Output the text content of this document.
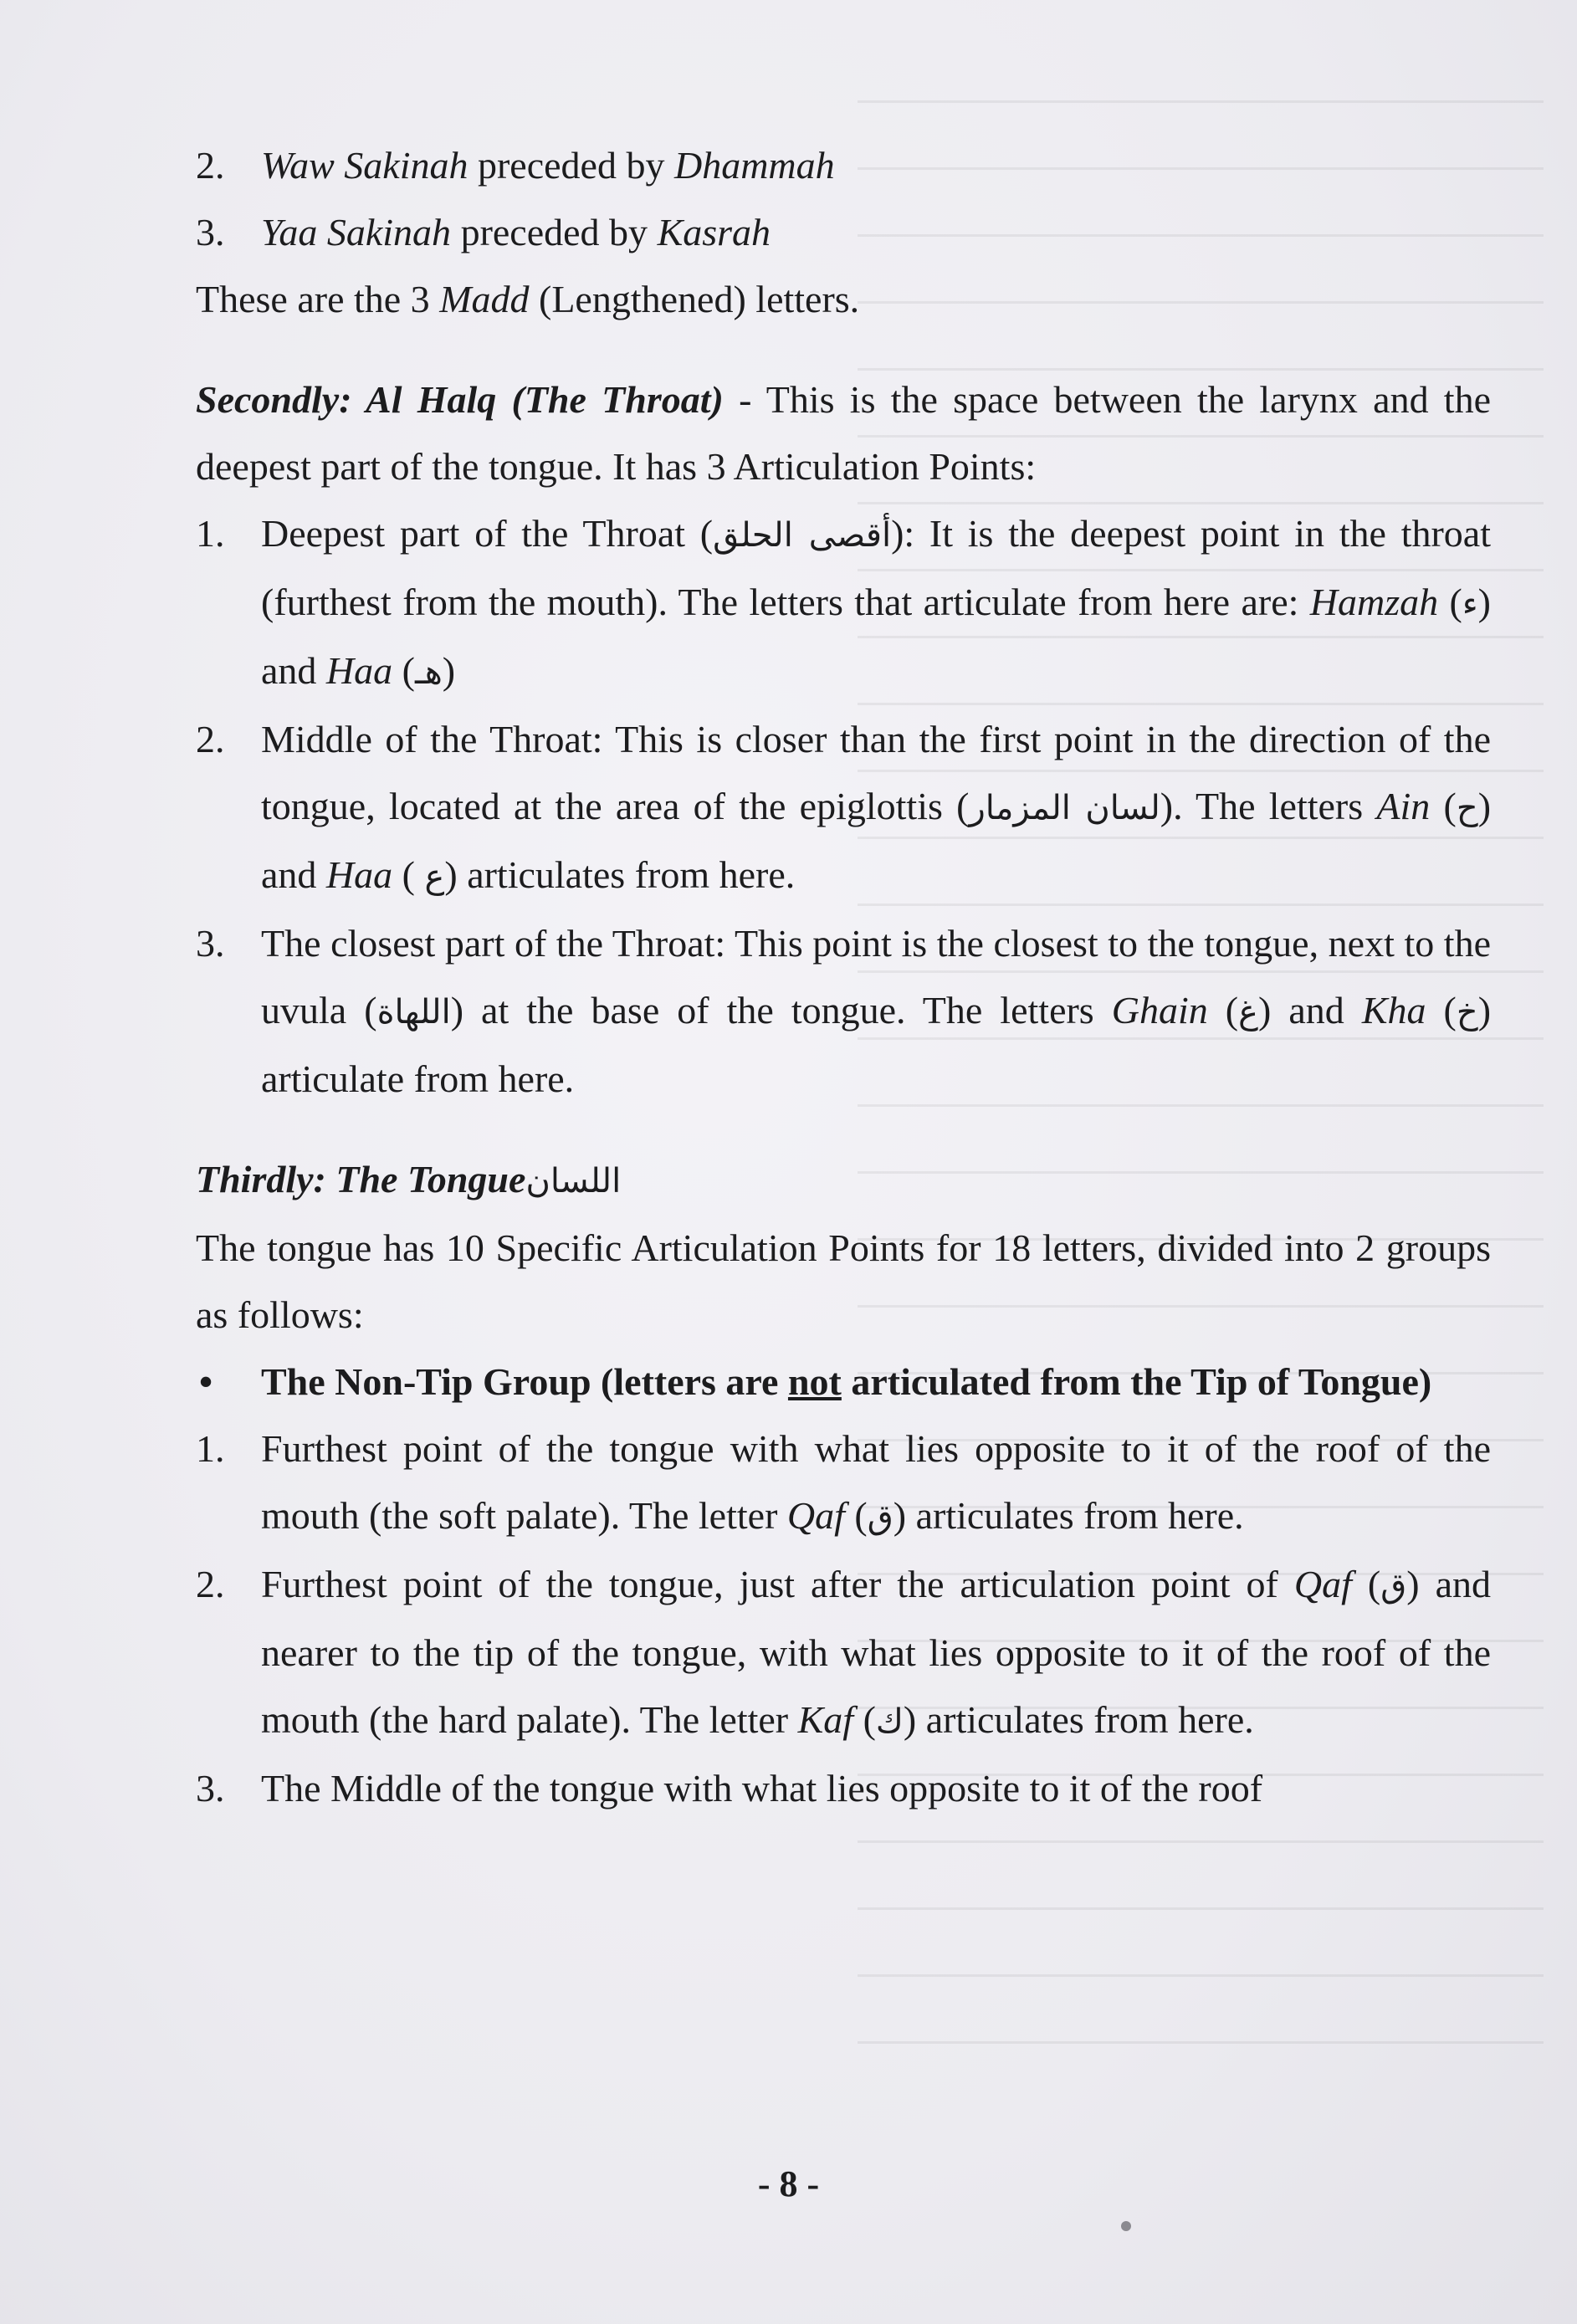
2. Waw Sakinah preceded by Dhammah
3. Yaa Sakinah preceded by Kasrah

These are the 3 Madd (Lengthened) letters.

Secondly: Al Halq (The Throat) - This is the space between the larynx and the deepest part of the tongue. It has 3 Articulation Points:

1. Deepest part of the Throat (أقصى الحلق): It is the deepest point in the throat (furthest from the mouth). The letters that articulate from here are: Hamzah (ء) and Haa (هـ)
2. Middle of the Throat: This is closer than the first point in the direction of the tongue, located at the area of the epiglottis (لسان المزمار). The letters Ain (ح) and Haa ( ع) articulates from here.
3. The closest part of the Throat: This point is the closest to the tongue, next to the uvula (اللهاة) at the base of the tongue. The letters Ghain (غ) and Kha (خ) articulate from here.

Thirdly: The Tongueاللسان

The tongue has 10 Specific Articulation Points for 18 letters, divided into 2 groups as follows:

• The Non-Tip Group (letters are not articulated from the Tip of Tongue)
1. Furthest point of the tongue with what lies opposite to it of the roof of the mouth (the soft palate). The letter Qaf (ق) articulates from here.
2. Furthest point of the tongue, just after the articulation point of Qaf (ق) and nearer to the tip of the tongue, with what lies opposite to it of the roof of the mouth (the hard palate). The letter Kaf (ك) articulates from here.
3. The Middle of the tongue with what lies opposite to it of the roof
- 8 -
